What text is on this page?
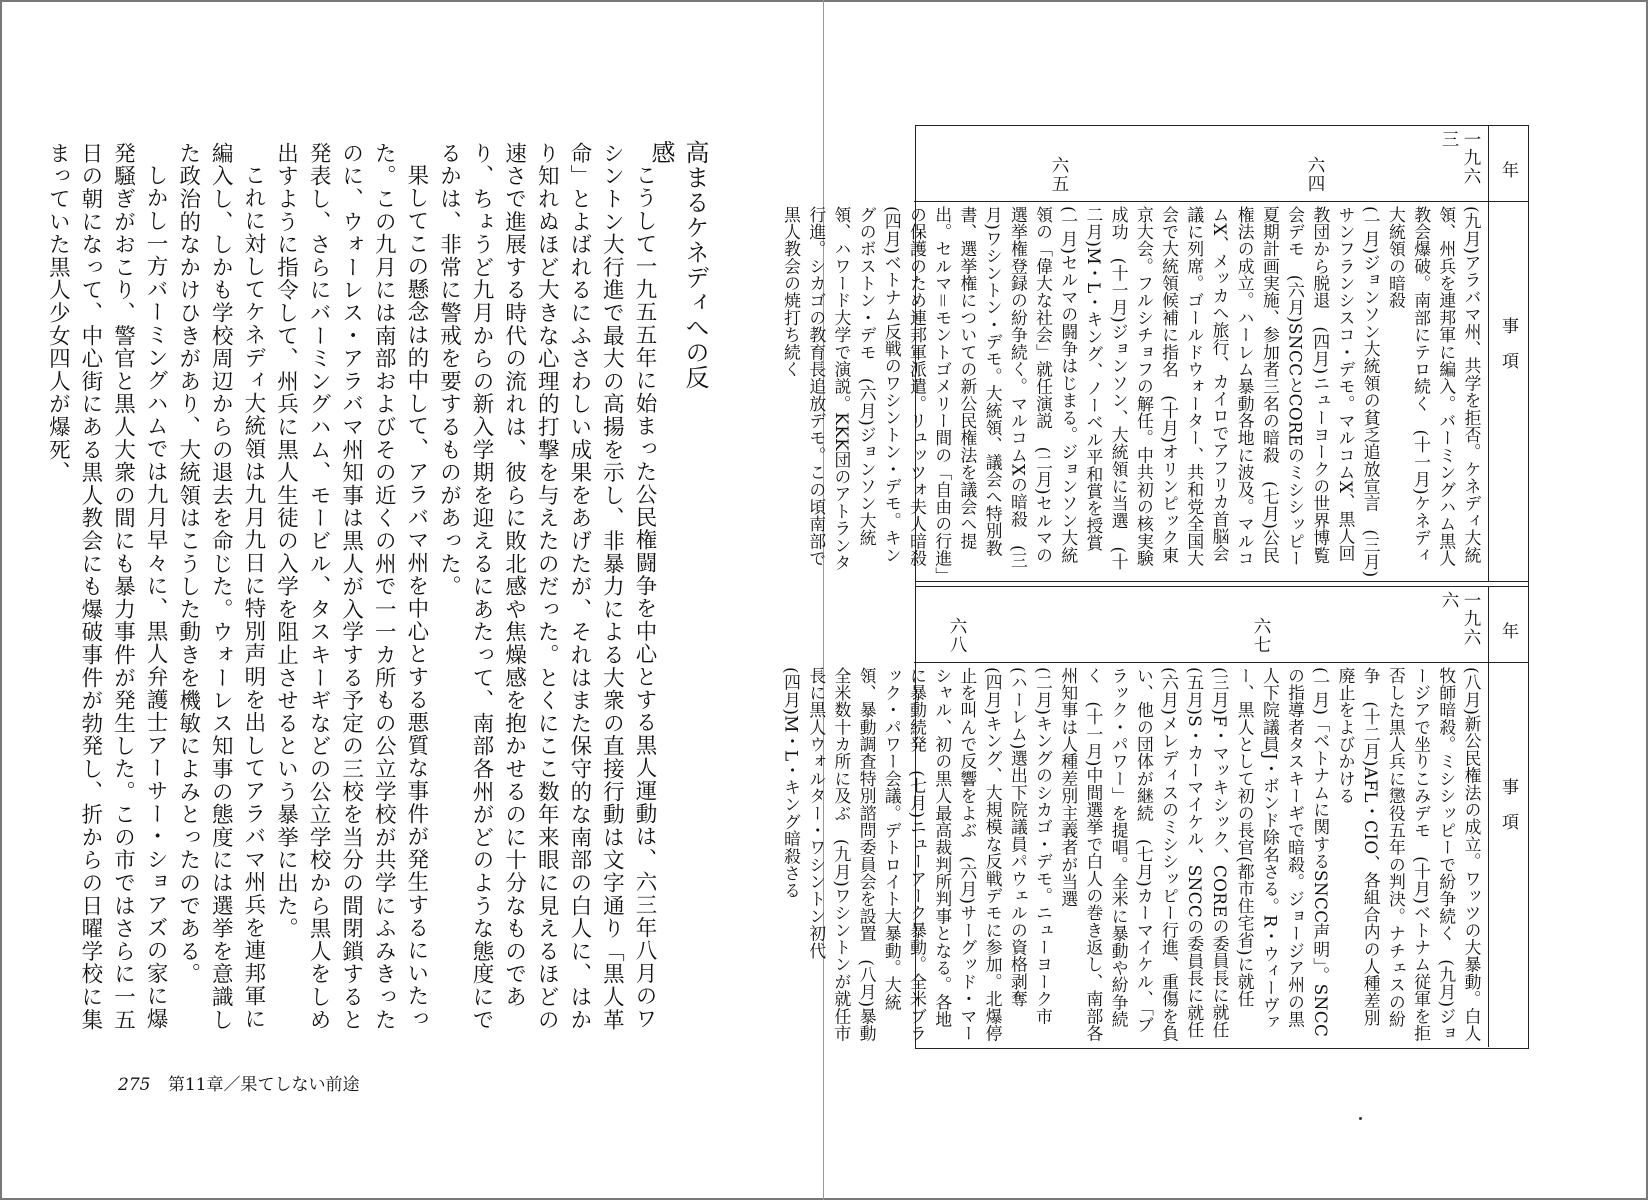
高まるケネディへの反感

こうして一九五五年に始まった公民権闘争を中心とする黒人運動は、六三年八月のワシントン大行進で最大の高揚を示し、非暴力による大衆の直接行動は文字通り「黒人革命」とよばれるにふさわしい成果をあげたが、それはまた保守的な南部の白人に、はかり知れぬほど大きな心理的打撃を与えたのだった。とくにここ数年来眼に見えるほどの速さで進展する時代の流れは、彼らに敗北感や焦燥感を抱かせるのに十分なものであり、ちょうど九月からの新入学期を迎えるにあたって、南部各州がどのような態度にでるかは、非常に警戒を要するものがあった。

果してこの懸念は的中して、アラバマ州を中心とする悪質な事件が発生するにいたった。この九月には南部およびその近くの州で一一カ所もの公立学校が共学にふみきったのに、ウォーレス・アラバマ州知事は黒人が入学する予定の三校を当分の間閉鎖すると発表し、さらにバーミングハム、モービル、タスキーギなどの公立学校から黒人をしめ出すように指令して、州兵に黒人生徒の入学を阻止させるという暴挙に出た。

これに対してケネディ大統領は九月九日に特別声明を出してアラバマ州兵を連邦軍に編入し、しかも学校周辺からの退去を命じた。ウォーレス知事の態度には選挙を意識した政治的なかけひきがあり、大統領はこうした動きを機敏によみとったのである。

しかし一方バーミングハムでは九月早々に、黒人弁護士アーサー・ショアズの家に爆発騒ぎがおこり、警官と黒人大衆の間にも暴力事件が発生した。この市ではさらに一五日の朝になって、中心街にある黒人教会にも爆破事件が勃発し、折からの日曜学校に集まっていた黒人少女四人が爆死、

275 第11章／果てしない前途
年
事項
一九六三
六四
六五

(九月)アラバマ州、共学を拒否。ケネディ大統領、州兵を連邦軍に編入。バーミングハム黒人教会爆破。南部にテロ続く　(十一月)ケネディ大統領の暗殺

(一月)ジョンソン大統領の貧乏追放宣言　(三月)サンフランシスコ・デモ。マルコムX、黒人回教団から脱退　(四月)ニューヨークの世界博覧会デモ　(六月)SNCCとCOREのミシシッピー夏期計画実施、参加者三名の暗殺　(七月)公民権法の成立。ハーレム暴動各地に波及。マルコムX、メッカへ旅行、カイロでアフリカ首脳会議に列席。ゴールドウォーター、共和党全国大会で大統領候補に指名　(十月)オリンピック東京大会。フルシチョフの解任。中共初の核実験成功　(十一月)ジョンソン、大統領に当選　(十二月)M・L・キング、ノーベル平和賞を授賞

(一月)セルマの闘争はじまる。ジョンソン大統領の「偉大な社会」就任演説　(二月)セルマの選挙権登録の紛争続く。マルコムXの暗殺　(三月)ワシントン・デモ。大統領、議会へ特別教書、選挙権についての新公民権法を議会へ提出。セルマ＝モントゴメリー間の「自由の行進」の保護のため連邦軍派遣。リュッツォ夫人暗殺　(四月)ベトナム反戦のワシントン・デモ。キングのボストン・デモ　(六月)ジョンソン大統領、ハワード大学で演説。KKK団のアトランタ行進。シカゴの教育長追放デモ。この頃南部で黒人教会の焼打ち続く

年
事項
一九六六
六七
六八

(八月)新公民権法の成立。ワッツの大暴動。白人牧師暗殺。ミシシッピーで紛争続く　(九月)ジョージアで坐りこみデモ　(十月)ベトナム従軍を拒否した黒人兵に懲役五年の判決。ナチェスの紛争　(十二月)AFL・CIO、各組合内の人種差別廃止をよびかける

(一月)「ベトナムに関するSNCC声明」。SNCCの指導者タスキーギで暗殺。ジョージア州の黒人下院議員J・ボンド除名さる。R・ウィーヴァー、黒人として初の長官(都市住宅省)に就任　(三月)F・マッキシック、COREの委員長に就任　(五月)S・カーマイケル、SNCCの委員長に就任　(六月)メレディスのミシシッピー行進、重傷を負い、他の団体が継続　(七月)カーマイケル、「ブラック・パワー」を提唱。全米に暴動や紛争続く　(十一月)中間選挙で白人の巻き返し、南部各州知事は人種差別主義者が当選

(二月)キングのシカゴ・デモ。ニューヨーク市(ハーレム)選出下院議員パウェルの資格剥奪　(四月)キング、大規模な反戦デモに参加。北爆停止を叫んで反響をよぶ　(六月)サーグッド・マーシャル、初の黒人最高裁判所判事となる。各地に暴動続発　(七月)ニューアーク暴動。全米ブラック・パワー会議。デトロイト大暴動。大統領、暴動調査特別諮問委員会を設置　(八月)暴動全米数十カ所に及ぶ　(九月)ワシントンが就任市長に黒人ウォルター・ワシントン初代

(四月)M・L・キング暗殺さる
